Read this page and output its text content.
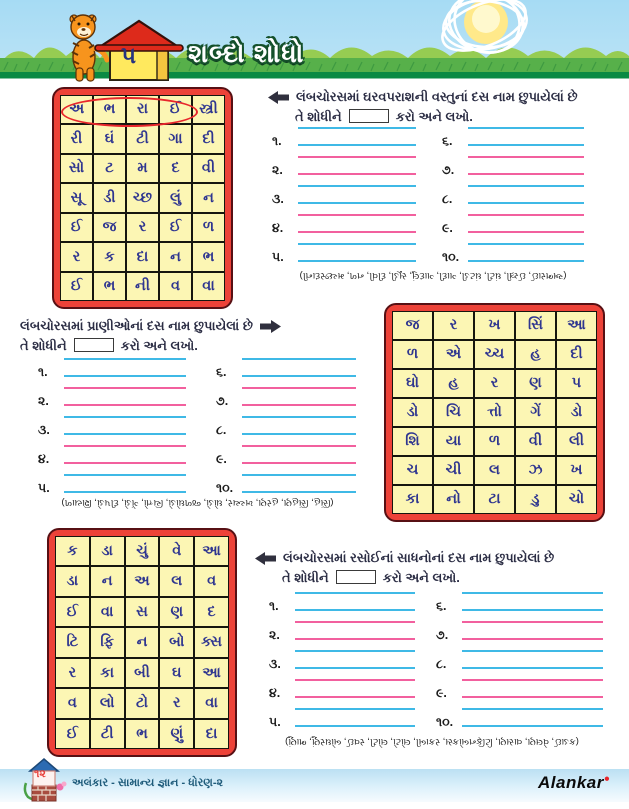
૫ શબ્દો શોધો
અ	ભ	રા	ઈ	સ્ત્રી
રી	ઘં	ટી	ગા	દી
સો	ટ	મ	દ	વી
સૂ	ડી	ચ્છ	લું	ન
ઈ	જ	ર	ઈ	ળ
ર	ક	દા	ન	ભ
ઈ	ભ	ની	વ	વા
લંબચોરસમાં ઘરવપરાશની વસ્તુનાં દસ નામ છુપાયેલાં છે
તે શોધીને	કરો અને લખો.
૧.
૨.
૩.
૪.
૫.
૬.
૭.
૮.
૯.
૧૦.
(અભરાઈ, ઈસ્ત્રી, ઘંટી, ઘંટડી, ગાદી, ગાદલું, સૂડી, દીવી, નળ, મચ્છરદાની)
લંબચોરસમાં પ્રાણીઓનાં દસ નામ છુપાયેલાં છે
તે શોધીને	કરો અને લખો.
૧.
૨.
૩.
૪.
૫.
૬.
૭.
૮.
૯.
૧૦.
(સિંહ, સિંહણ, હરણ, ખચ્ચર, ઘોડો, જળઘોડો, ચિત્તો, ગેંડો, દીપડો, શિયાળ)
જ	ર	ખ	સિં	આ
ળ	એ	ચ્ચ	હ	દી
ઘો	હ	ર	ણ	પ
ડો	ચિ	ત્તો	ગેં	ડો
શિ	યા	ળ	વી	લી
ચ	ચી	લ	ઝ	ખ
કા	નો	ટા	ડુ	ચો
ક	ડા	ચું	વે	આ
ડા	ન	અ	લ	વ
ઈ	વા	સ	ણ	દ
ટિ	ફિ	ન	બો	ક્સ
ર	કા	બી	ઘ	આ
વ	લો	ટો	ર	વા
ઈ	ટી	ભ	ણું	દા
લંબચોરસમાં રસોઈનાં સાધનોનાં દસ નામ છુપાયેલાં છે
તે શોધીને	કરો અને લખો.
૧.
૨.
૩.
૪.
૫.
૬.
૭.
૮.
૯.
૧૦.
(કડાઈ, વેલણ, વાસણ, ટિફિનબોક્સ, રકાબી, લોટો, લોટી, રવઈ, બોઘરણું, ભાણું)
૧૨
અલંકાર - સામાન્ય જ્ઞાન - ધોરણ-૨	Alankar●
